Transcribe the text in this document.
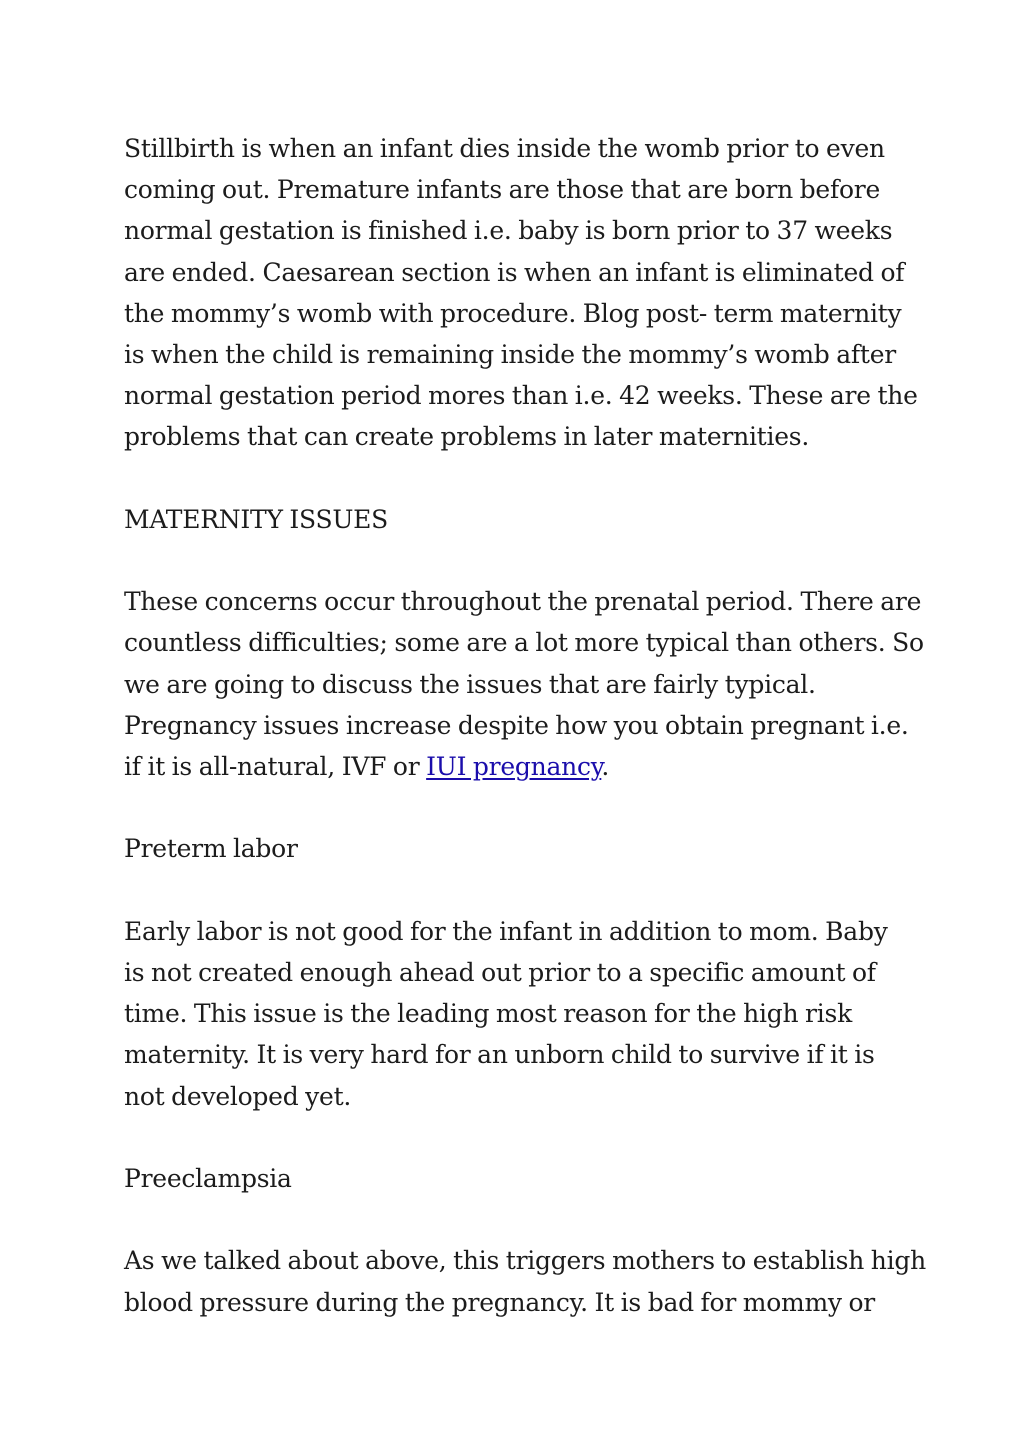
Stillbirth is when an infant dies inside the womb prior to even
coming out. Premature infants are those that are born before
normal gestation is finished i.e. baby is born prior to 37 weeks
are ended. Caesarean section is when an infant is eliminated of
the mommy’s womb with procedure. Blog post- term maternity
is when the child is remaining inside the mommy’s womb after
normal gestation period mores than i.e. 42 weeks. These are the
problems that can create problems in later maternities.

MATERNITY ISSUES

These concerns occur throughout the prenatal period. There are
countless difficulties; some are a lot more typical than others. So
we are going to discuss the issues that are fairly typical.
Pregnancy issues increase despite how you obtain pregnant i.e.
if it is all-natural, IVF or IUI pregnancy.

Preterm labor

Early labor is not good for the infant in addition to mom. Baby
is not created enough ahead out prior to a specific amount of
time. This issue is the leading most reason for the high risk
maternity. It is very hard for an unborn child to survive if it is
not developed yet.

Preeclampsia

As we talked about above, this triggers mothers to establish high
blood pressure during the pregnancy. It is bad for mommy or
